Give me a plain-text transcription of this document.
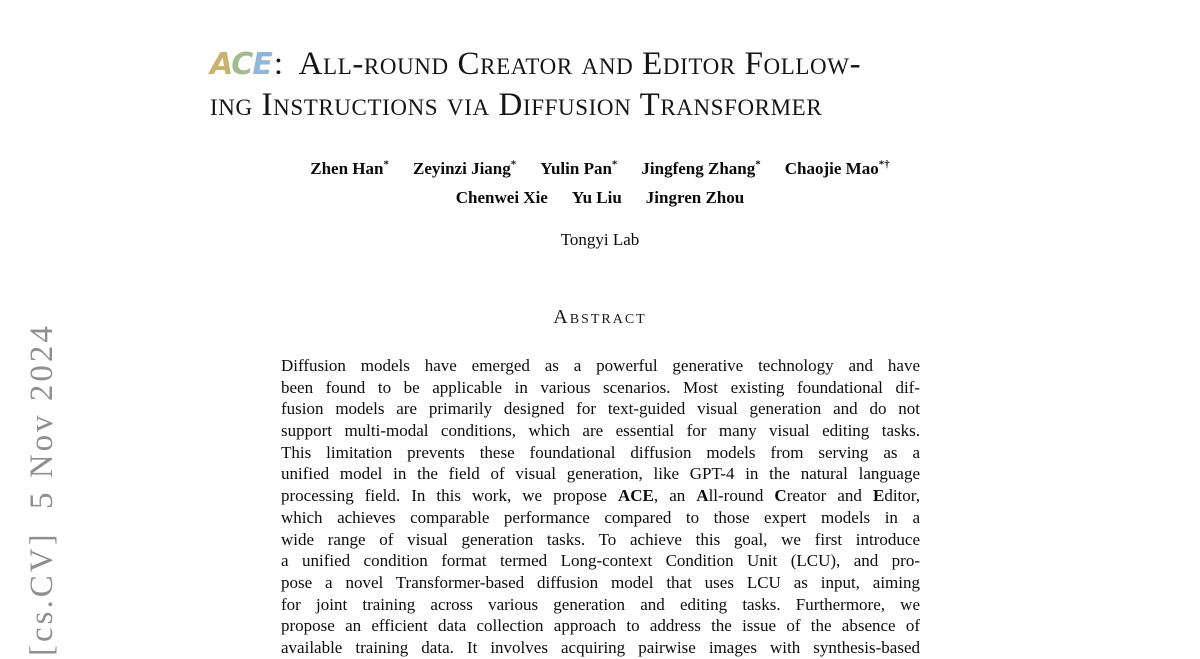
[cs.CV]  5 Nov 2024
ACE: All-round Creator and Editor Follow-
ing Instructions via Diffusion Transformer
Zhen Han* Zeyinzi Jiang* Yulin Pan* Jingfeng Zhang* Chaojie Mao*†
Chenwei Xie Yu Liu Jingren Zhou
Tongyi Lab
Abstract
Diffusion models have emerged as a powerful generative technology and have
been found to be applicable in various scenarios. Most existing foundational dif-
fusion models are primarily designed for text-guided visual generation and do not
support multi-modal conditions, which are essential for many visual editing tasks.
This limitation prevents these foundational diffusion models from serving as a
unified model in the field of visual generation, like GPT-4 in the natural language
processing field. In this work, we propose ACE, an All-round Creator and Editor,
which achieves comparable performance compared to those expert models in a
wide range of visual generation tasks. To achieve this goal, we first introduce
a unified condition format termed Long-context Condition Unit (LCU), and pro-
pose a novel Transformer-based diffusion model that uses LCU as input, aiming
for joint training across various generation and editing tasks. Furthermore, we
propose an efficient data collection approach to address the issue of the absence of
available training data. It involves acquiring pairwise images with synthesis-based
